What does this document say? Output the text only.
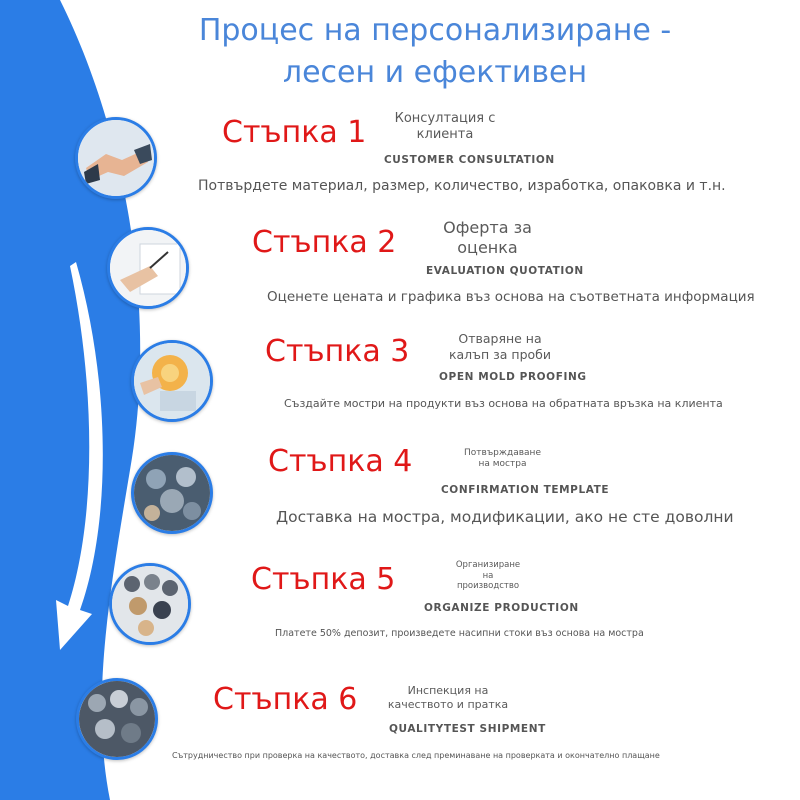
Процес на персонализиране -
лесен и ефективен
Стъпка 1	Консултация с
клиента
CUSTOMER CONSULTATION
Потвърдете материал, размер, количество, изработка, опаковка и т.н.
Стъпка 2	Оферта за
оценка
EVALUATION QUOTATION
Оценете цената и графика въз основа на съответната информация
Стъпка 3	Отваряне на
калъп за проби
OPEN MOLD PROOFING
Създайте мостри на продукти въз основа на обратната връзка на клиента
Стъпка 4	Потвърждаване
на мостра
CONFIRMATION TEMPLATE
Доставка на мостра, модификации, ако не сте доволни
Стъпка 5	Организиране
на
производство
ORGANIZE PRODUCTION
Платете 50% депозит, произведете насипни стоки въз основа на мостра
Стъпка 6	Инспекция на
качеството и пратка
QUALITYTEST SHIPMENT
Сътрудничество при проверка на качеството, доставка след преминаване на проверката и окончателно плащане
